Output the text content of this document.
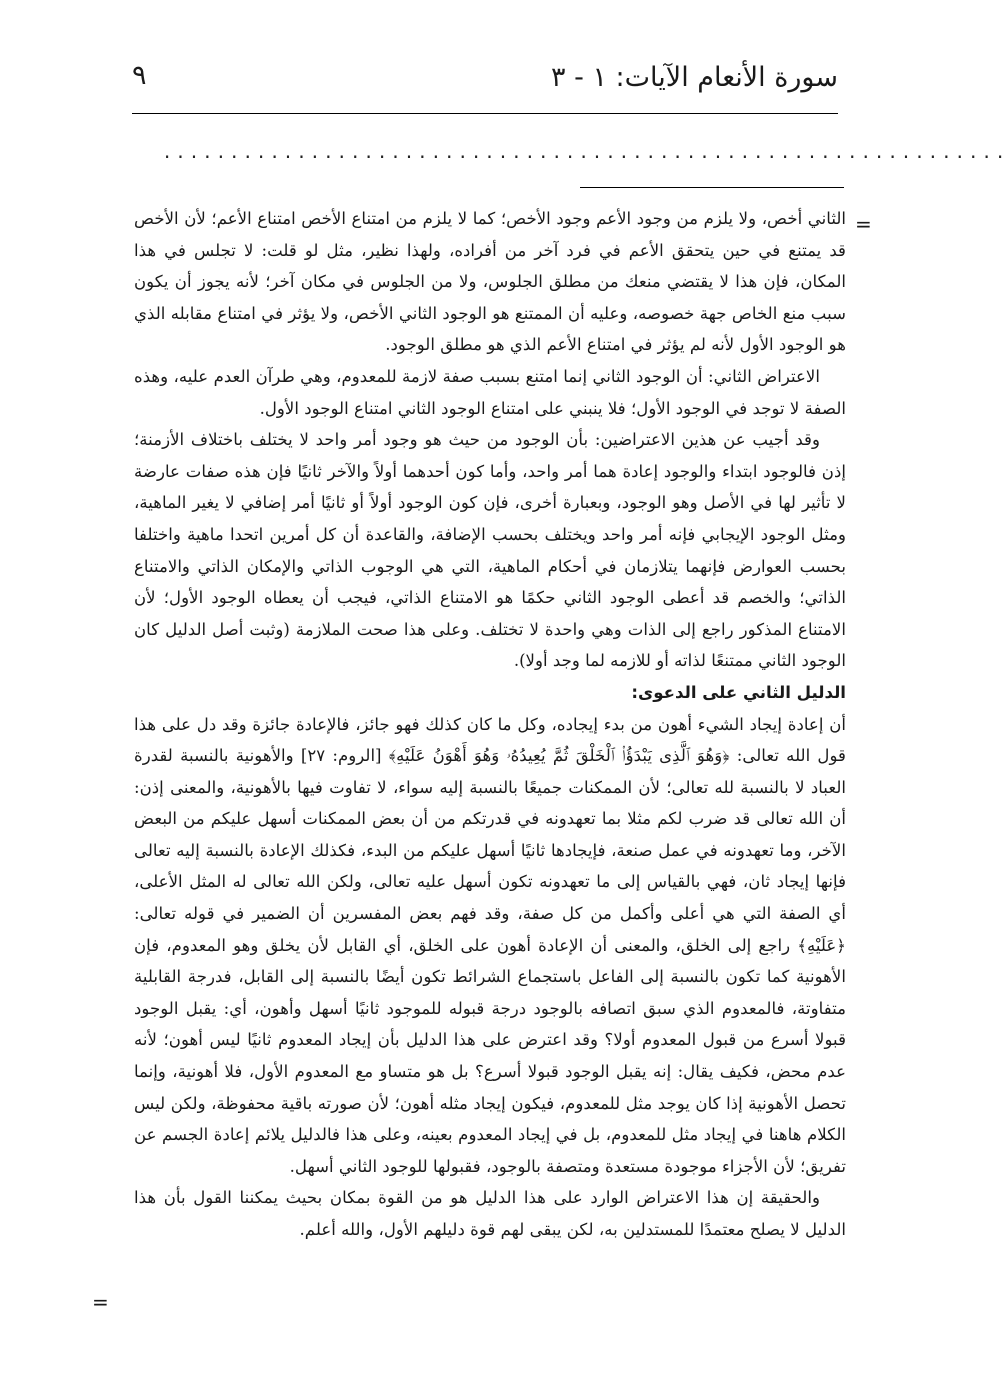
٩	سورة الأنعام الآيات: ١ - ٣
...............................................................
=

الثاني أخص، ولا يلزم من وجود الأعم وجود الأخص؛ كما لا يلزم من امتناع الأخص امتناع الأعم؛ لأن الأخص قد يمتنع في حين يتحقق الأعم في فرد آخر من أفراده، ولهذا نظير، مثل لو قلت: لا تجلس في هذا المكان، فإن هذا لا يقتضي منعك من مطلق الجلوس، ولا من الجلوس في مكان آخر؛ لأنه يجوز أن يكون سبب منع الخاص جهة خصوصه، وعليه أن الممتنع هو الوجود الثاني الأخص، ولا يؤثر في امتناع مقابله الذي هو الوجود الأول لأنه لم يؤثر في امتناع الأعم الذي هو مطلق الوجود.

الاعتراض الثاني: أن الوجود الثاني إنما امتنع بسبب صفة لازمة للمعدوم، وهي طرآن العدم عليه، وهذه الصفة لا توجد في الوجود الأول؛ فلا ينبني على امتناع الوجود الثاني امتناع الوجود الأول.

وقد أجيب عن هذين الاعتراضين: بأن الوجود من حيث هو وجود أمر واحد لا يختلف باختلاف الأزمنة؛ إذن فالوجود ابتداء والوجود إعادة هما أمر واحد، وأما كون أحدهما أولاً والآخر ثانيًا فإن هذه صفات عارضة لا تأثير لها في الأصل وهو الوجود، وبعبارة أخرى، فإن كون الوجود أولاً أو ثانيًا أمر إضافي لا يغير الماهية، ومثل الوجود الإيجابي فإنه أمر واحد ويختلف بحسب الإضافة، والقاعدة أن كل أمرين اتحدا ماهية واختلفا بحسب العوارض فإنهما يتلازمان في أحكام الماهية، التي هي الوجوب الذاتي والإمكان الذاتي والامتناع الذاتي؛ والخصم قد أعطى الوجود الثاني حكمًا هو الامتناع الذاتي، فيجب أن يعطاه الوجود الأول؛ لأن الامتناع المذكور راجع إلى الذات وهي واحدة لا تختلف. وعلى هذا صحت الملازمة (وثبت أصل الدليل كان الوجود الثاني ممتنعًا لذاته أو للازمه لما وجد أولا).

الدليل الثاني على الدعوى:

أن إعادة إيجاد الشيء أهون من بدء إيجاده، وكل ما كان كذلك فهو جائز، فالإعادة جائزة وقد دل على هذا قول الله تعالى: ﴿وَهُوَ ٱلَّذِى يَبْدَؤُا۟ ٱلْخَلْقَ ثُمَّ يُعِيدُهُۥ وَهُوَ أَهْوَنُ عَلَيْهِ﴾ [الروم: ٢٧] والأهونية بالنسبة لقدرة العباد لا بالنسبة لله تعالى؛ لأن الممكنات جميعًا بالنسبة إليه سواء، لا تفاوت فيها بالأهونية، والمعنى إذن: أن الله تعالى قد ضرب لكم مثلا بما تعهدونه في قدرتكم من أن بعض الممكنات أسهل عليكم من البعض الآخر، وما تعهدونه في عمل صنعة، فإيجادها ثانيًا أسهل عليكم من البدء، فكذلك الإعادة بالنسبة إليه تعالى فإنها إيجاد ثان، فهي بالقياس إلى ما تعهدونه تكون أسهل عليه تعالى، ولكن الله تعالى له المثل الأعلى، أي الصفة التي هي أعلى وأكمل من كل صفة، وقد فهم بعض المفسرين أن الضمير في قوله تعالى: ﴿عَلَيْهِ﴾ راجع إلى الخلق، والمعنى أن الإعادة أهون على الخلق، أي القابل لأن يخلق وهو المعدوم، فإن الأهونية كما تكون بالنسبة إلى الفاعل باستجماع الشرائط تكون أيضًا بالنسبة إلى القابل، فدرجة القابلية متفاوتة، فالمعدوم الذي سبق اتصافه بالوجود درجة قبوله للموجود ثانيًا أسهل وأهون، أي: يقبل الوجود قبولا أسرع من قبول المعدوم أولا؟ وقد اعترض على هذا الدليل بأن إيجاد المعدوم ثانيًا ليس أهون؛ لأنه عدم محض، فكيف يقال: إنه يقبل الوجود قبولا أسرع؟ بل هو متساو مع المعدوم الأول، فلا أهونية، وإنما تحصل الأهونية إذا كان يوجد مثل للمعدوم، فيكون إيجاد مثله أهون؛ لأن صورته باقية محفوظة، ولكن ليس الكلام هاهنا في إيجاد مثل للمعدوم، بل في إيجاد المعدوم بعينه، وعلى هذا فالدليل يلائم إعادة الجسم عن تفريق؛ لأن الأجزاء موجودة مستعدة ومتصفة بالوجود، فقبولها للوجود الثاني أسهل.

والحقيقة إن هذا الاعتراض الوارد على هذا الدليل هو من القوة بمكان بحيث يمكننا القول بأن هذا الدليل لا يصلح معتمدًا للمستدلين به، لكن يبقى لهم قوة دليلهم الأول، والله أعلم.

=
